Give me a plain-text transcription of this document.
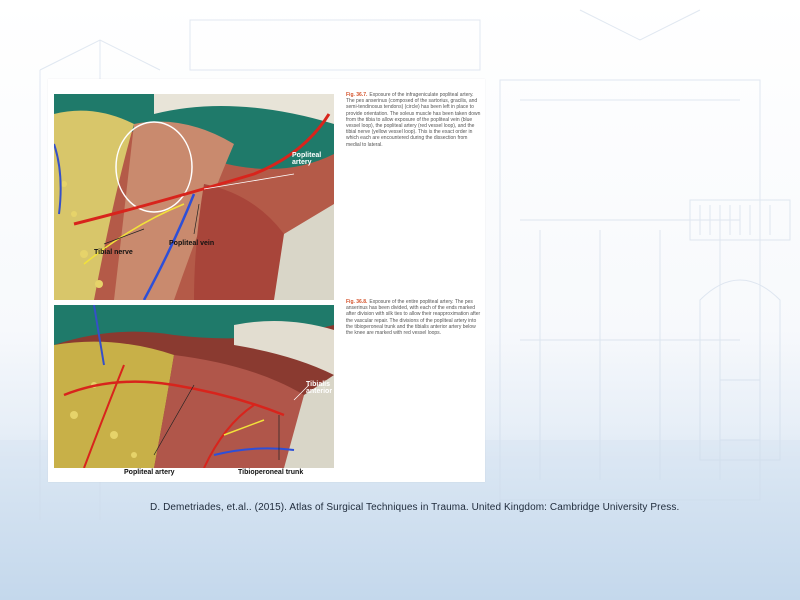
Popliteal artery
Tibial nerve
Popliteal vein
Fig. 36.7. Exposure of the infrageniculate popliteal artery. The pes anserinus (composed of the sartorius, gracilis, and semi-tendinosus tendons) (circle) has been left in place to provide orientation. The soleus muscle has been taken down from the tibia to allow exposure of the popliteal vein (blue vessel loop), the popliteal artery (red vessel loop), and the tibial nerve (yellow vessel loop). This is the exact order in which each are encountered during the dissection from medial to lateral.
Tibialis anterior
Popliteal artery	Tibioperoneal trunk
Fig. 36.8. Exposure of the entire popliteal artery. The pes anserinus has been divided, with each of the ends marked after division with silk ties to allow their reapproximation after the vascular repair. The divisions of the popliteal artery into the tibioperoneal trunk and the tibialis anterior artery below the knee are marked with red vessel loops.
D. Demetriades, et.al.. (2015). Atlas of Surgical Techniques in Trauma. United Kingdom: Cambridge University Press.
